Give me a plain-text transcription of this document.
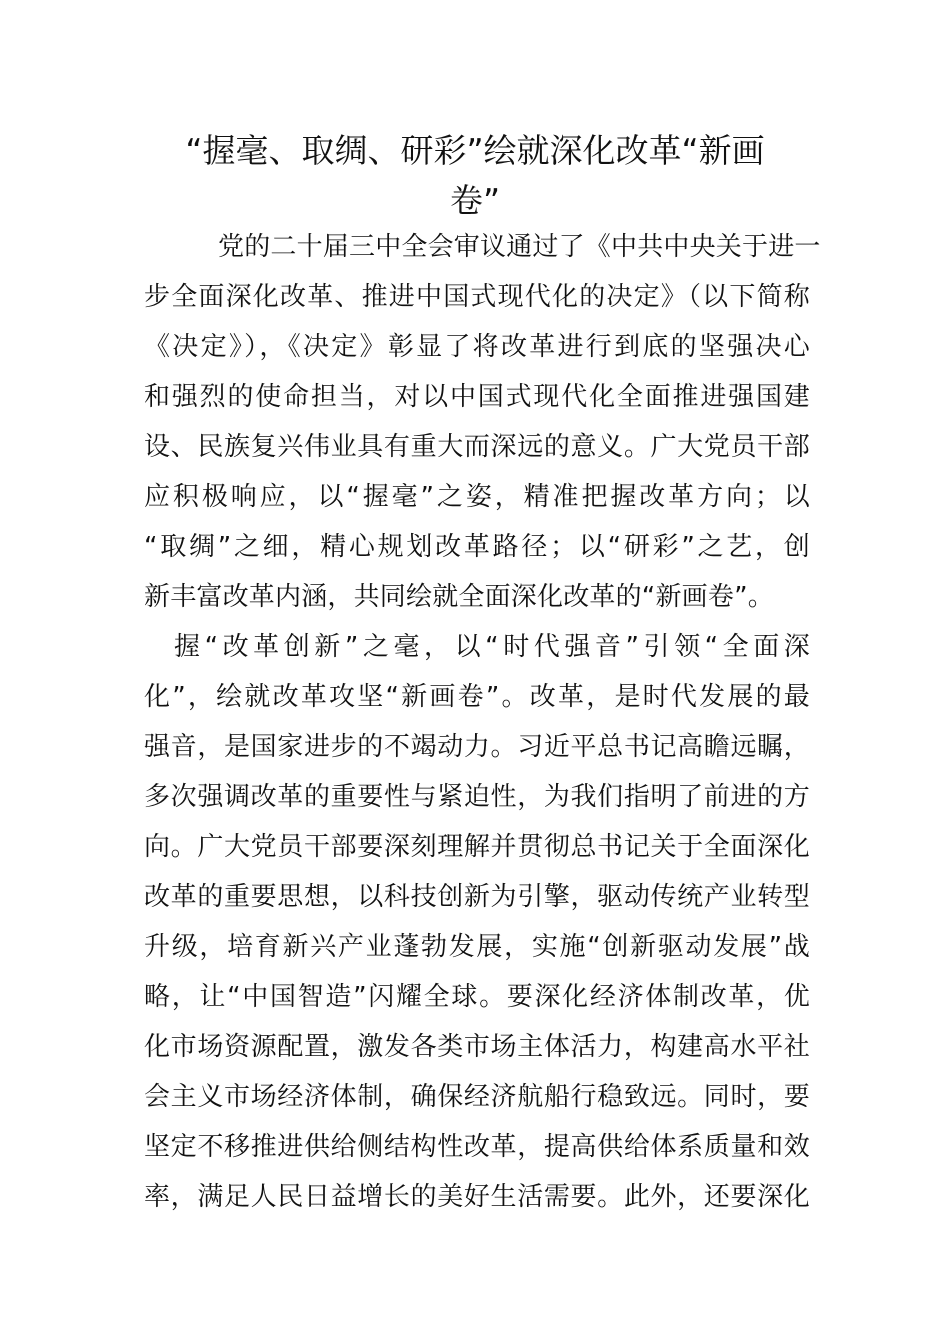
“握毫、取绸、研彩”绘就深化改革“新画
卷”
党的二十届三中全会审议通过了《中共中央关于进一
步全面深化改革、推进中国式现代化的决定》（以下简称
《决定》），《决定》彰显了将改革进行到底的坚强决心
和强烈的使命担当，对以中国式现代化全面推进强国建
设、民族复兴伟业具有重大而深远的意义。广大党员干部
应积极响应，以“握毫”之姿，精准把握改革方向；以
“取绸”之细，精心规划改革路径；以“研彩”之艺，创
新丰富改革内涵，共同绘就全面深化改革的“新画卷”。
握“改革创新”之毫，以“时代强音”引领“全面深
化”，绘就改革攻坚“新画卷”。改革，是时代发展的最
强音，是国家进步的不竭动力。习近平总书记高瞻远瞩，
多次强调改革的重要性与紧迫性，为我们指明了前进的方
向。广大党员干部要深刻理解并贯彻总书记关于全面深化
改革的重要思想，以科技创新为引擎，驱动传统产业转型
升级，培育新兴产业蓬勃发展，实施“创新驱动发展”战
略，让“中国智造”闪耀全球。要深化经济体制改革，优
化市场资源配置，激发各类市场主体活力，构建高水平社
会主义市场经济体制，确保经济航船行稳致远。同时，要
坚定不移推进供给侧结构性改革，提高供给体系质量和效
率，满足人民日益增长的美好生活需要。此外，还要深化
